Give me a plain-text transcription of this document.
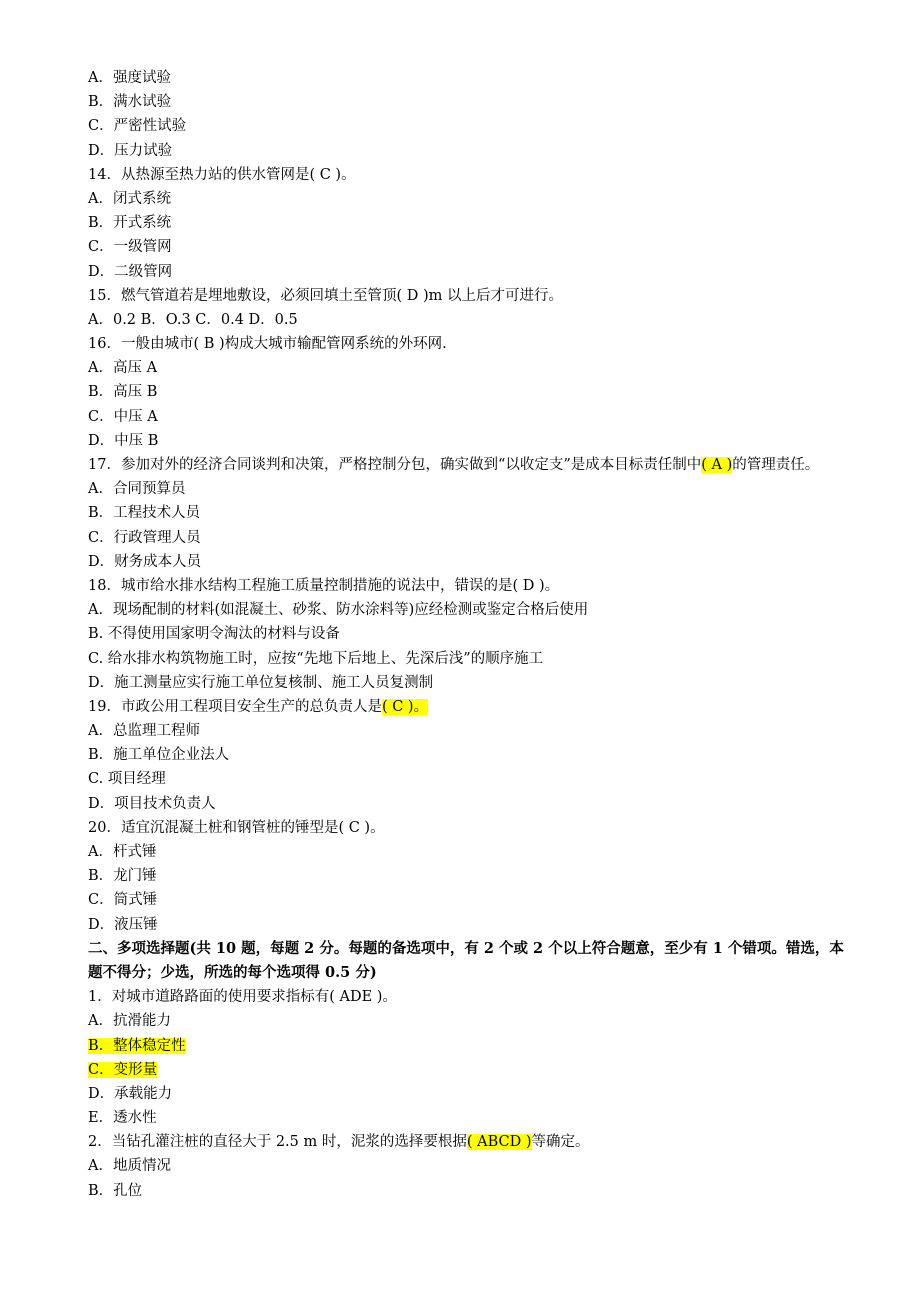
A．强度试验
B．满水试验
C．严密性试验
D．压力试验
14．从热源至热力站的供水管网是( C )。
A．闭式系统
B．开式系统
C．一级管网
D．二级管网
15．燃气管道若是埋地敷设，必须回填土至管顶( D )m 以上后才可进行。
A．0.2 B．O.3 C．0.4 D．0.5
16．一般由城市( B )构成大城市输配管网系统的外环网.
A．高压 A
B．高压 B
C．中压 A
D．中压 B
17．参加对外的经济合同谈判和决策，严格控制分包，确实做到“以收定支”是成本目标责任制中( A )的管理责任。
A．合同预算员
B．工程技术人员
C．行政管理人员
D．财务成本人员
18．城市给水排水结构工程施工质量控制措施的说法中，错误的是( D )。
A．现场配制的材料(如混凝土、砂浆、防水涂料等)应经检测或鉴定合格后使用
B. 不得使用国家明令淘汰的材料与设备
C. 给水排水构筑物施工时，应按“先地下后地上、先深后浅”的顺序施工
D．施工测量应实行施工单位复核制、施工人员复测制
19．市政公用工程项目安全生产的总负责人是( C )。
A．总监理工程师
B．施工单位企业法人
C. 项目经理
D．项目技术负责人
20．适宜沉混凝土桩和钢管桩的锤型是( C )。
A．杆式锤
B．龙门锤
C．筒式锤
D．液压锤
二、多项选择题(共 10 题，每题 2 分。每题的备选项中，有 2 个或 2 个以上符合题意，至少有 1 个错项。错选，本题不得分；少选，所选的每个选项得 0.5 分)
1．对城市道路路面的使用要求指标有( ADE )。
A．抗滑能力
B．整体稳定性
C．变形量
D．承载能力
E．透水性
2．当钻孔灌注桩的直径大于 2.5 m 时，泥浆的选择要根据( ABCD )等确定。
A．地质情况
B．孔位
